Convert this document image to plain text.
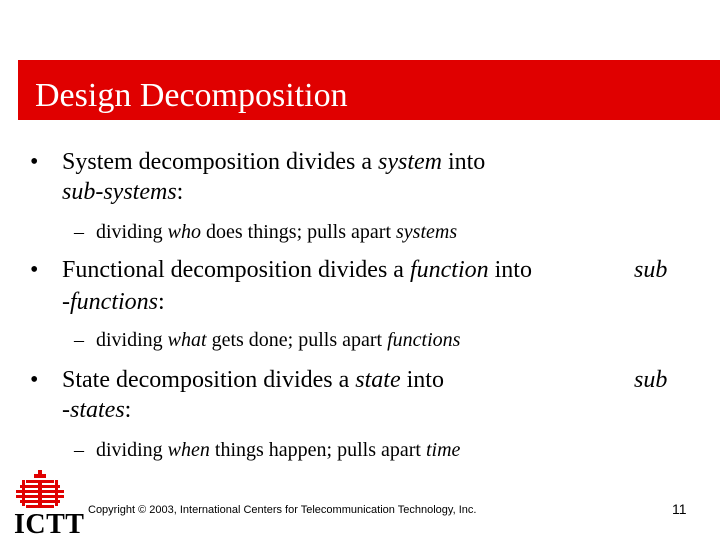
Design Decomposition
• System decomposition divides a system into
sub-systems:
– dividing who does things; pulls apart systems
• Functional decomposition divides a function into	sub
-functions:
– dividing what gets done; pulls apart functions
• State decomposition divides a state into	sub
-states:
– dividing when things happen; pulls apart time
ICTT Copyright © 2003, International Centers for Telecommunication Technology, Inc.	11
